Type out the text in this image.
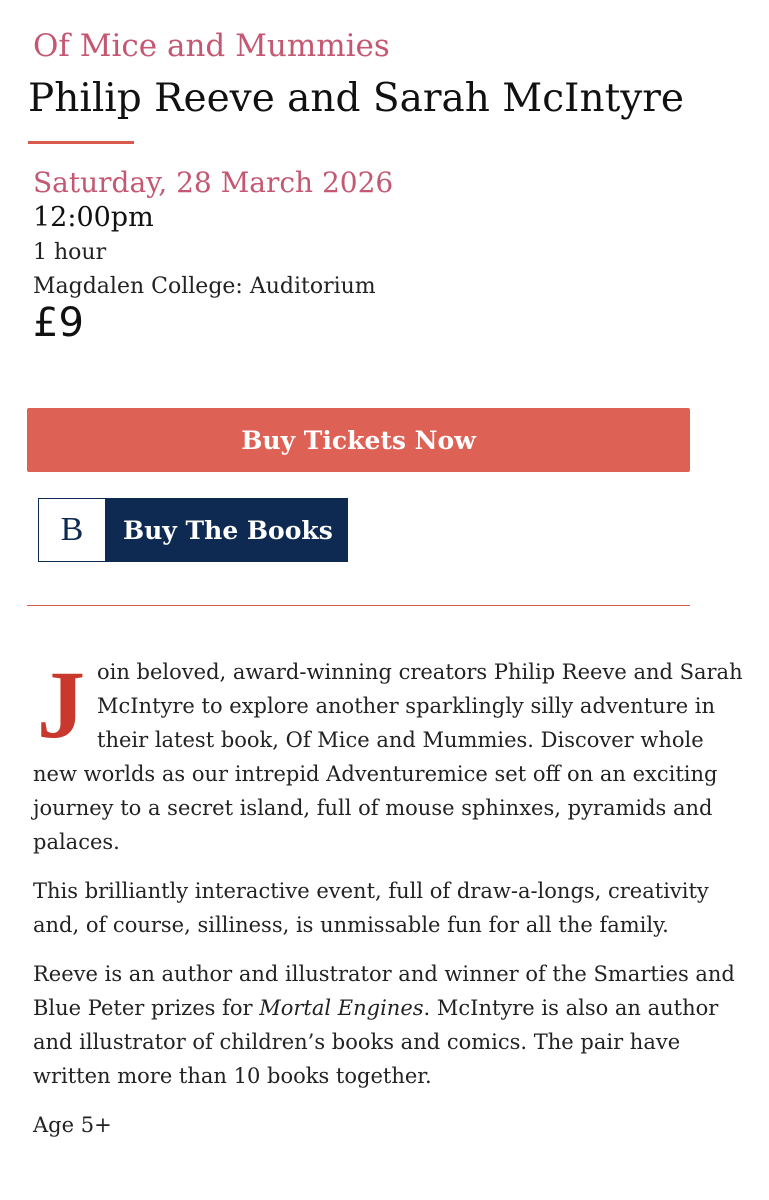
Of Mice and Mummies
Philip Reeve and Sarah McIntyre
Saturday, 28 March 2026
12:00pm
1 hour
Magdalen College: Auditorium
£9
Buy Tickets Now
B	Buy The Books

Join beloved, award-winning creators Philip Reeve and Sarah McIntyre to explore another sparklingly silly adventure in their latest book, Of Mice and Mummies. Discover whole new worlds as our intrepid Adventuremice set off on an exciting journey to a secret island, full of mouse sphinxes, pyramids and palaces.

This brilliantly interactive event, full of draw-a-longs, creativity and, of course, silliness, is unmissable fun for all the family.

Reeve is an author and illustrator and winner of the Smarties and Blue Peter prizes for Mortal Engines. McIntyre is also an author and illustrator of children’s books and comics. The pair have written more than 10 books together.

Age 5+
